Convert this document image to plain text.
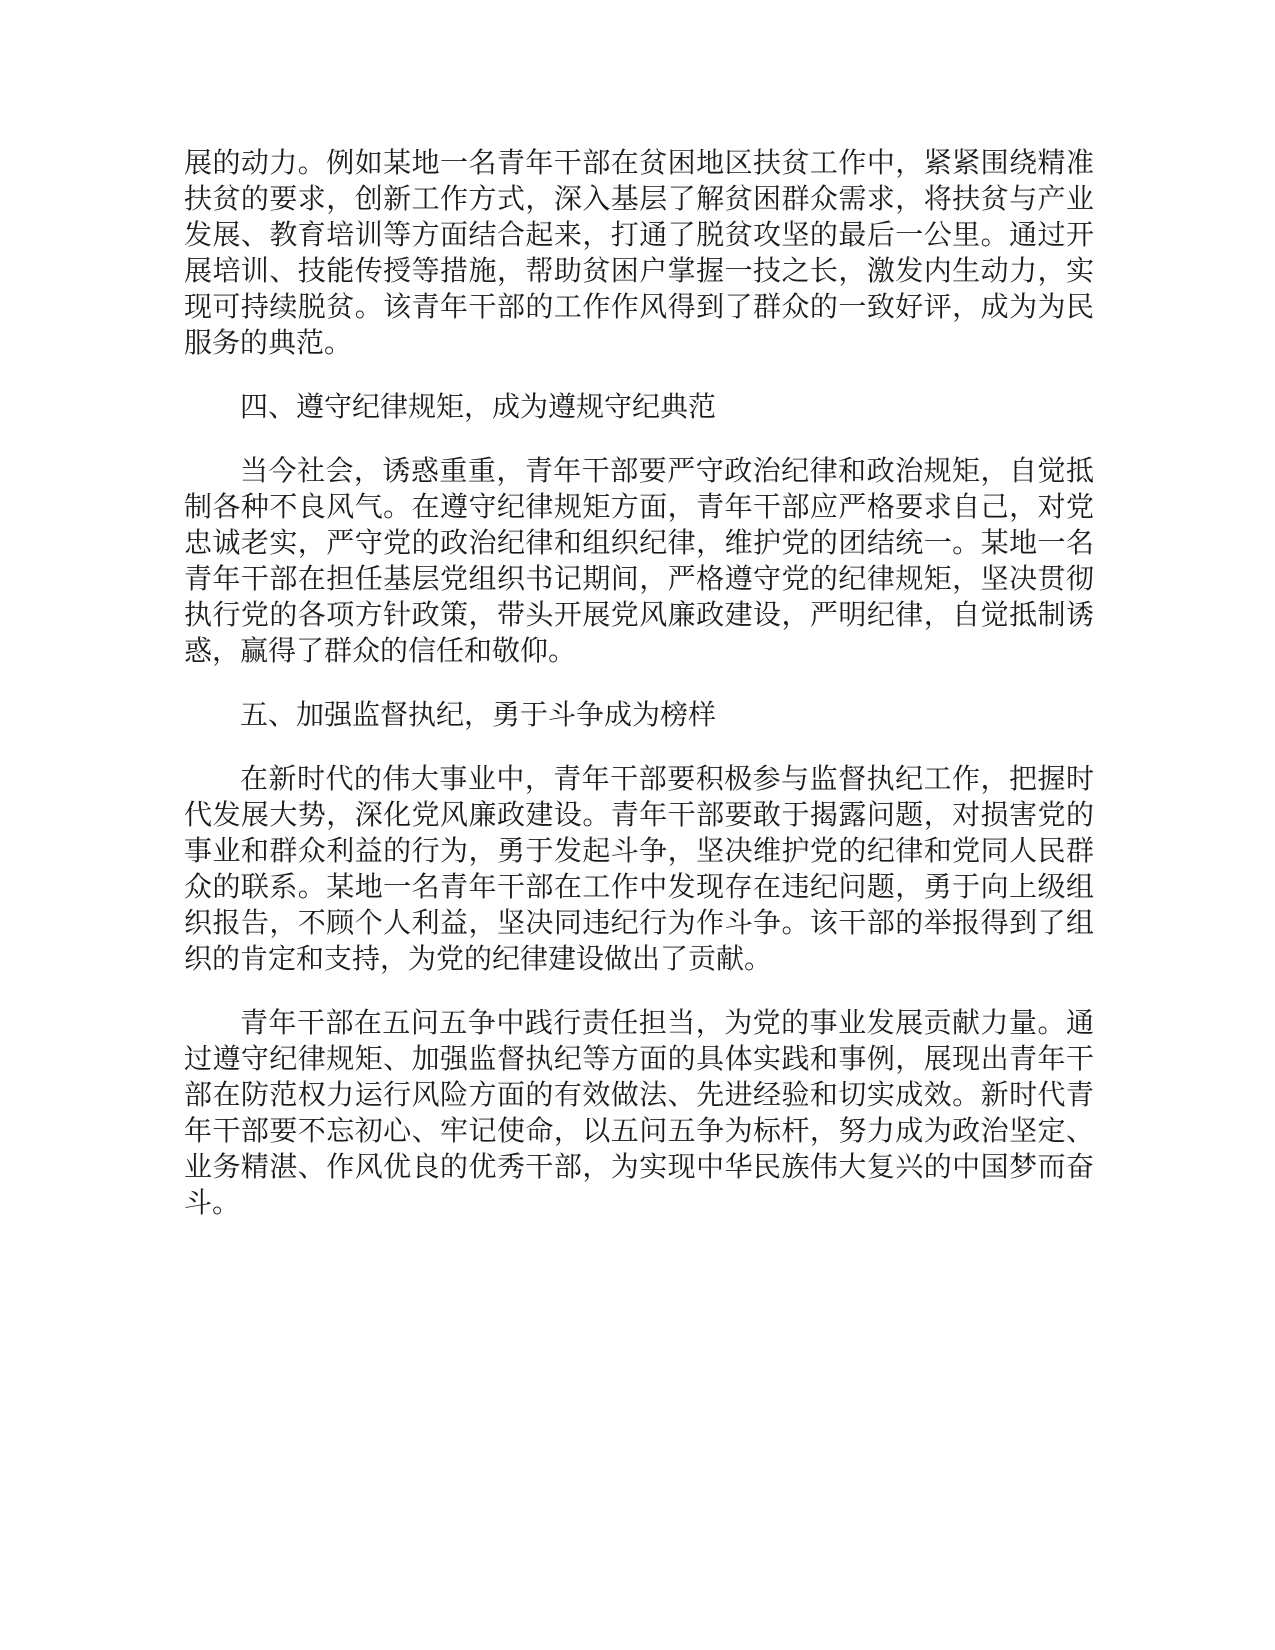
展的动力。例如某地一名青年干部在贫困地区扶贫工作中，紧紧围绕精准扶贫的要求，创新工作方式，深入基层了解贫困群众需求，将扶贫与产业发展、教育培训等方面结合起来，打通了脱贫攻坚的最后一公里。通过开展培训、技能传授等措施，帮助贫困户掌握一技之长，激发内生动力，实现可持续脱贫。该青年干部的工作作风得到了群众的一致好评，成为为民服务的典范。

四、遵守纪律规矩，成为遵规守纪典范

当今社会，诱惑重重，青年干部要严守政治纪律和政治规矩，自觉抵制各种不良风气。在遵守纪律规矩方面，青年干部应严格要求自己，对党忠诚老实，严守党的政治纪律和组织纪律，维护党的团结统一。某地一名青年干部在担任基层党组织书记期间，严格遵守党的纪律规矩，坚决贯彻执行党的各项方针政策，带头开展党风廉政建设，严明纪律，自觉抵制诱惑，赢得了群众的信任和敬仰。

五、加强监督执纪，勇于斗争成为榜样

在新时代的伟大事业中，青年干部要积极参与监督执纪工作，把握时代发展大势，深化党风廉政建设。青年干部要敢于揭露问题，对损害党的事业和群众利益的行为，勇于发起斗争，坚决维护党的纪律和党同人民群众的联系。某地一名青年干部在工作中发现存在违纪问题，勇于向上级组织报告，不顾个人利益，坚决同违纪行为作斗争。该干部的举报得到了组织的肯定和支持，为党的纪律建设做出了贡献。

青年干部在五问五争中践行责任担当，为党的事业发展贡献力量。通过遵守纪律规矩、加强监督执纪等方面的具体实践和事例，展现出青年干部在防范权力运行风险方面的有效做法、先进经验和切实成效。新时代青年干部要不忘初心、牢记使命，以五问五争为标杆，努力成为政治坚定、业务精湛、作风优良的优秀干部，为实现中华民族伟大复兴的中国梦而奋斗。
